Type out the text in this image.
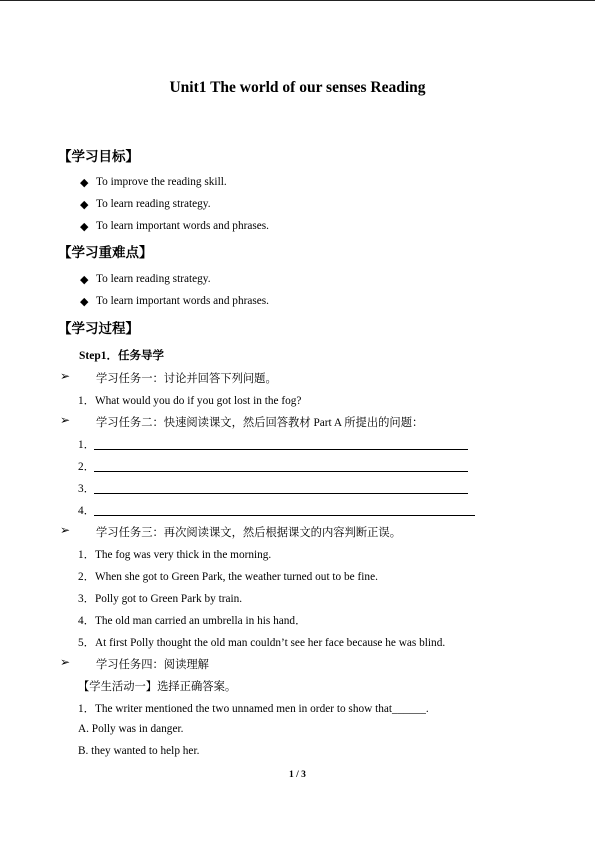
Unit1 The world of our senses Reading
【学习目标】
◆ To improve the reading skill.
◆ To learn reading strategy.
◆ To learn important words and phrases.
【学习重难点】
◆ To learn reading strategy.
◆ To learn important words and phrases.
【学习过程】
Step1．任务导学
➢ 学习任务一：讨论并回答下列问题。
1．What would you do if you got lost in the fog?
➢ 学习任务二：快速阅读课文，然后回答教材 Part A 所提出的问题：
1．
2．
3．
4．
➢ 学习任务三：再次阅读课文，然后根据课文的内容判断正误。
1．The fog was very thick in the morning.
2．When she got to Green Park, the weather turned out to be fine.
3．Polly got to Green Park by train.
4．The old man carried an umbrella in his hand．
5．At first Polly thought the old man couldn’t see her face because he was blind.
➢ 学习任务四：阅读理解
【学生活动一】选择正确答案。
1．The writer mentioned the two unnamed men in order to show that______.
A. Polly was in danger.
B. they wanted to help her.
1 / 3
